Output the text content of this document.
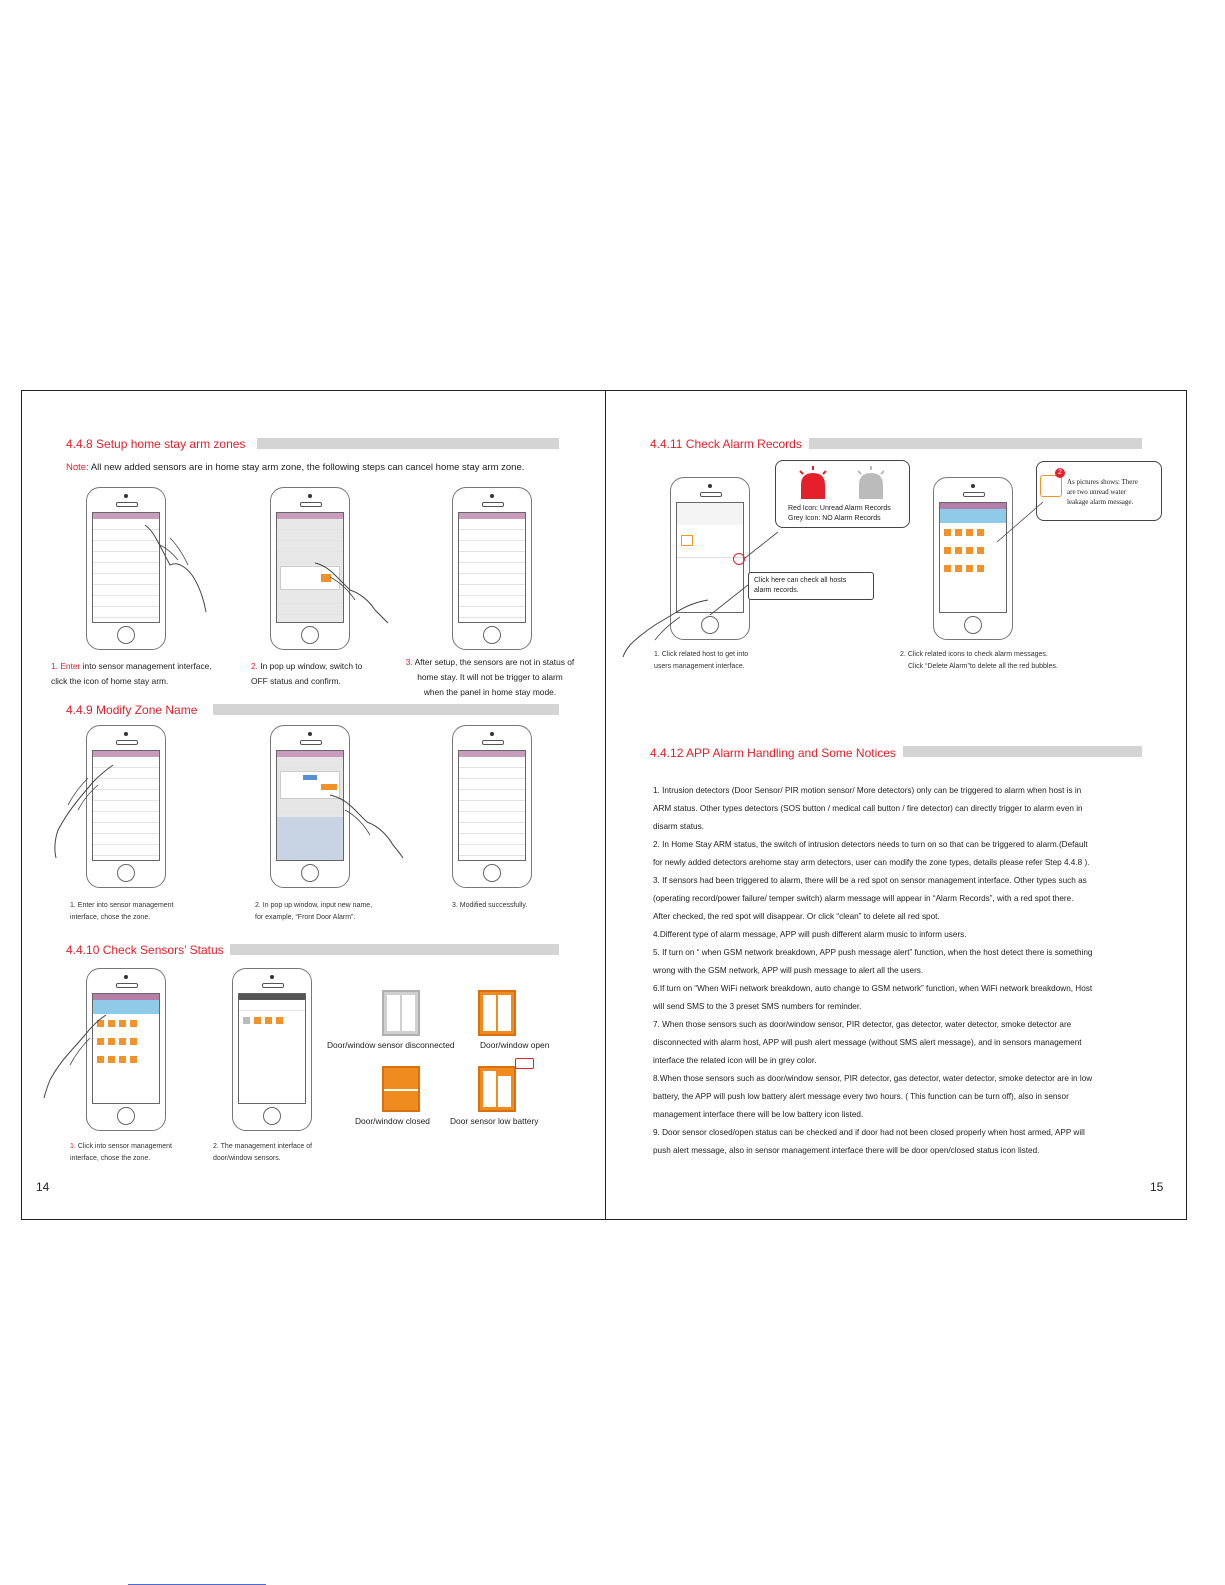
4.4.8 Setup home stay arm zones
Note: All new added sensors are in home stay arm zone, the following steps can cancel home stay arm zone.
1. Enter into sensor management interface,
click the icon of home stay arm.
2. In pop up window, switch to
OFF status and confirm.
3. After setup, the sensors are not in status of
home stay. It will not be trigger to alarm
when the panel in home stay mode.
4.4.9 Modify Zone Name
1. Enter into sensor management
interface, chose the zone.
2. In pop up window, input new name,
for example, “Front Door Alarm”.
3. Modified successfully.
4.4.10 Check Sensors’ Status

Door/window sensor disconnected	Door/window open
Door/window closed Door sensor low battery
1. Click into sensor management
interface, chose the zone.
2. The management interface of
door/window sensors.
14
4.4.11 Check Alarm Records
Red Icon: Unread Alarm Records
Grey Icon: NO Alarm Records
Click here can check all hosts
alarm records.

2
As pictures shows: There
are two unread water
leakage alarm message.
1. Click related host to get into
users management interface.
2. Click related icons to check alarm messages.
Click “Delete Alarm”to delete all the red bubbles.
4.4.12 APP Alarm Handling and Some Notices

1. Intrusion detectors (Door Sensor/ PIR motion sensor/ More detectors) only can be triggered to alarm when host is in

ARM status. Other types detectors (SOS button / medical call button / fire detector) can directly trigger to alarm even in

disarm status.

2. In Home Stay ARM status, the switch of intrusion detectors needs to turn on so that can be triggered to alarm.(Default

for newly added detectors arehome stay arm detectors, user can modify the zone types, details please refer Step 4.4.8 ).

3. If sensors had been triggered to alarm, there will be a red spot on sensor management interface. Other types such as

(operating record/power failure/ temper switch) alarm message will appear in “Alarm Records”, with a red spot there.

After checked, the red spot will disappear. Or click “clean” to delete all red spot.

4.Different type of alarm message, APP will push different alarm music to inform users.

5. If turn on “ when GSM network breakdown, APP push message alert” function, when the host detect there is something

wrong with the GSM network, APP will push message to alert all the users.

6.If turn on “When WiFi network breakdown, auto change to GSM network” function, when WiFi network breakdown, Host

will send SMS to the 3 preset SMS numbers for reminder.

7. When those sensors such as door/window sensor, PIR detector, gas detector, water detector, smoke detector are

disconnected with alarm host, APP will push alert message (without SMS alert message), and in sensors management

interface the related icon will be in grey color.

8.When those sensors such as door/window sensor, PIR detector, gas detector, water detector, smoke detector are in low

battery, the APP will push low battery alert message every two hours. ( This function can be turn off), also in sensor

management interface there will be low battery icon listed.

9. Door sensor closed/open status can be checked and if door had not been closed properly when host armed, APP will

push alert message, also in sensor management interface there will be door open/closed status icon listed.

15
